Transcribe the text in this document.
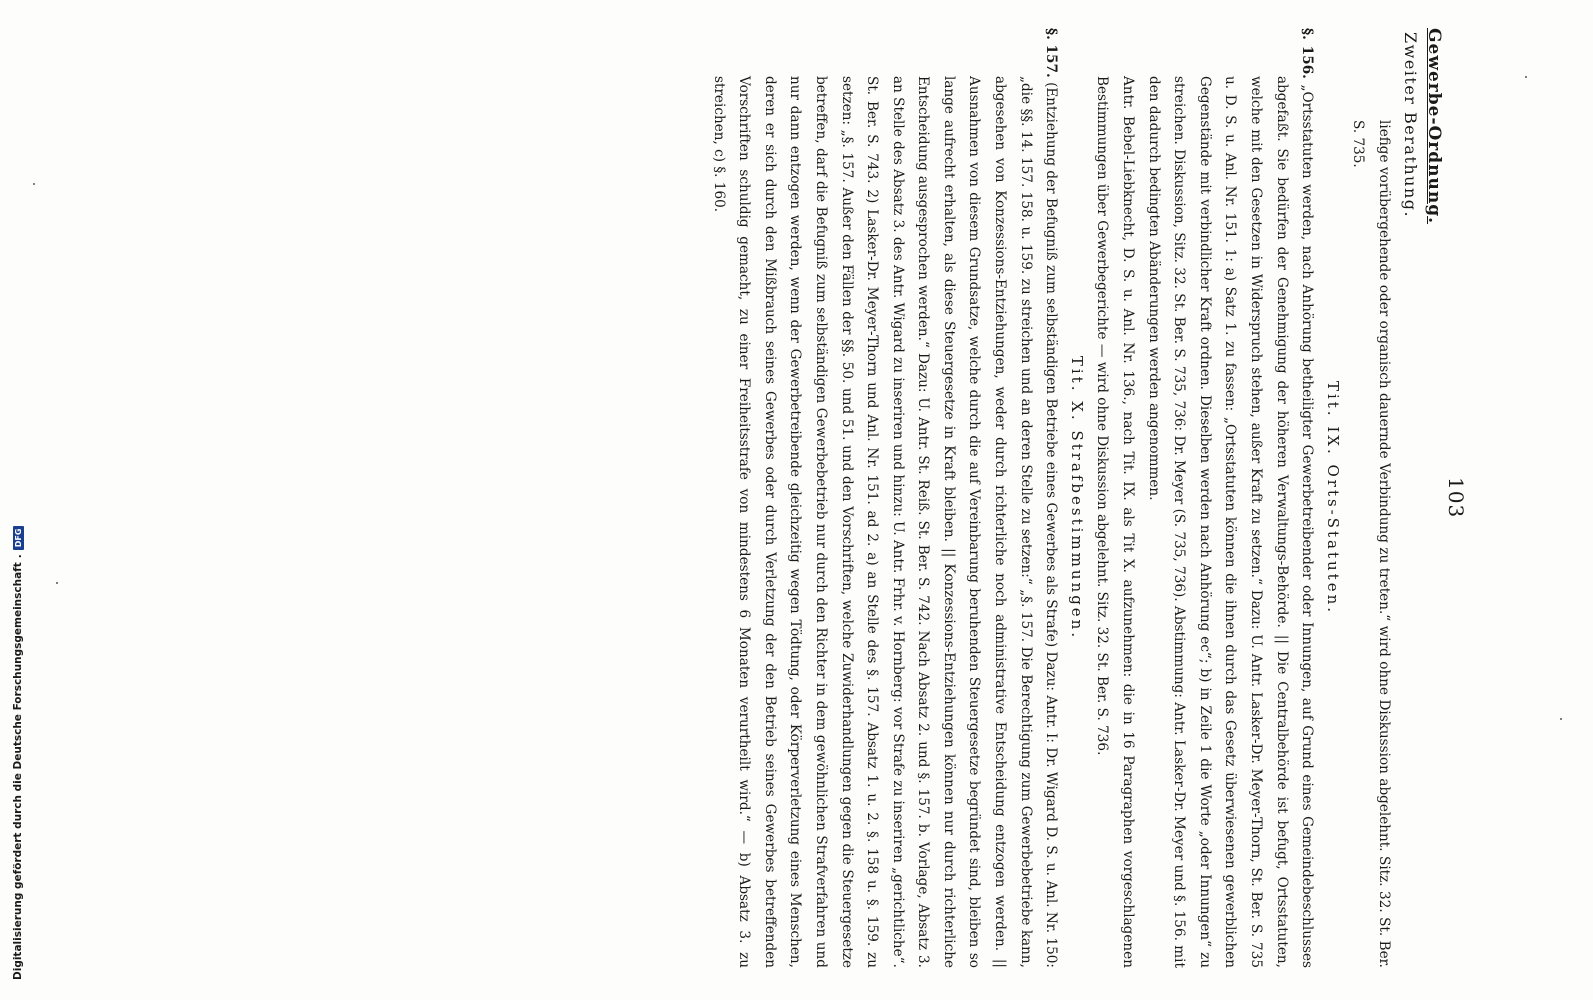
103
Gewerbe-Ordnung.
Zweiter Berathung.

liefige vorübergehende oder organisch dauernde Verbindung zu treten.“ wird ohne Diskussion abgelehnt. Sitz. 32. St. Ber. S. 735.

Tit. IX. Orts-Statuten.

§. 156. „Ortsstatuten werden, nach Anhörung betheiligter Gewerbetreibender oder Innungen, auf Grund eines Gemeindebeschlusses abgefaßt. Sie bedürfen der Genehmigung der höheren Verwaltungs-Behörde. || Die Centralbehörde ist befugt, Ortsstatuten, welche mit den Gesetzen in Widerspruch stehen, außer Kraft zu setzen.“ Dazu: U. Antr. Lasker-Dr. Meyer-Thorn, St. Ber. S. 735 u. D. S. u. Anl. Nr. 151. 1: a) Satz 1. zu fassen: „Ortsstatuten können die ihnen durch das Gesetz überwiesenen gewerblichen Gegenstände mit verbindlicher Kraft ordnen. Dieselben werden nach Anhörung ec“; b) in Zeile 1 die Worte „oder Innungen“ zu streichen. Diskussion, Sitz. 32. St. Ber. S. 735, 736: Dr. Meyer (S. 735, 736). Abstimmung: Antr. Lasker-Dr. Meyer und §. 156. mit den dadurch bedingten Abänderungen werden angenommen.

Antr. Bebel-Liebknecht, D. S. u. Anl. Nr. 136., nach Tit. IX. als Tit X. aufzunehmen: die in 16 Paragraphen vorgeschlagenen Bestimmungen über Gewerbegerichte — wird ohne Diskussion abgelehnt. Sitz. 32. St. Ber. S. 736.

Tit. X. Strafbestimmungen.

§. 157. (Entziehung der Befugniß zum selbständigen Betriebe eines Gewerbes als Strafe) Dazu: Antr. I: Dr. Wigard D. S. u. Anl. Nr. 150: „die §§. 14. 157. 158. u. 159. zu streichen und an deren Stelle zu setzen:“ „§. 157. Die Berechtigung zum Gewerbebetriebe kann, abgesehen von Konzessions-Entziehungen, weder durch richterliche noch administrative Entscheidung entzogen werden. || Ausnahmen von diesem Grundsatze, welche durch die auf Vereinbarung beruhenden Steuergesetze begründet sind, bleiben so lange aufrecht erhalten, als diese Steuergesetze in Kraft bleiben. || Konzessions-Entziehungen können nur durch richterliche Entscheidung ausgesprochen werden.“ Dazu: U. Antr. St. Reiß. St. Ber. S. 742. Nach Absatz 2. und §. 157. b. Vorlage, Absatz 3. an Stelle des Absatz 3. des Antr. Wigard zu inseriren und hinzu: U. Antr. Frhr. v. Hornberg: vor Strafe zu inseriren „gerichtliche“. St. Ber. S. 743. 2) Lasker-Dr. Meyer-Thorn und Anl. Nr. 151. ad 2. a) an Stelle des §. 157. Absatz 1. u. 2. §. 158 u. §. 159. zu setzen: „§. 157. Außer den Fällen der §§. 50. und 51. und den Vorschriften, welche Zuwiderhandlungen gegen die Steuergesetze betreffen, darf die Befugniß zum selbständigen Gewerbebetrieb nur durch den Richter in dem gewöhnlichen Strafverfahren und nur dann entzogen werden, wenn der Gewerbetreibende gleichzeitig wegen Tödtung, oder Körperverletzung eines Menschen, deren er sich durch den Mißbrauch seines Gewerbes oder durch Verletzung der den Betrieb seines Gewerbes betreffenden Vorschriften schuldig gemacht, zu einer Freiheitsstrafe von mindestens 6 Monaten verurtheilt wird.“ — b) Absatz 3. zu streichen, c) §. 160.

Digitalisierung gefördert durch die Deutsche Forschungsgemeinschaft
.
DFG
